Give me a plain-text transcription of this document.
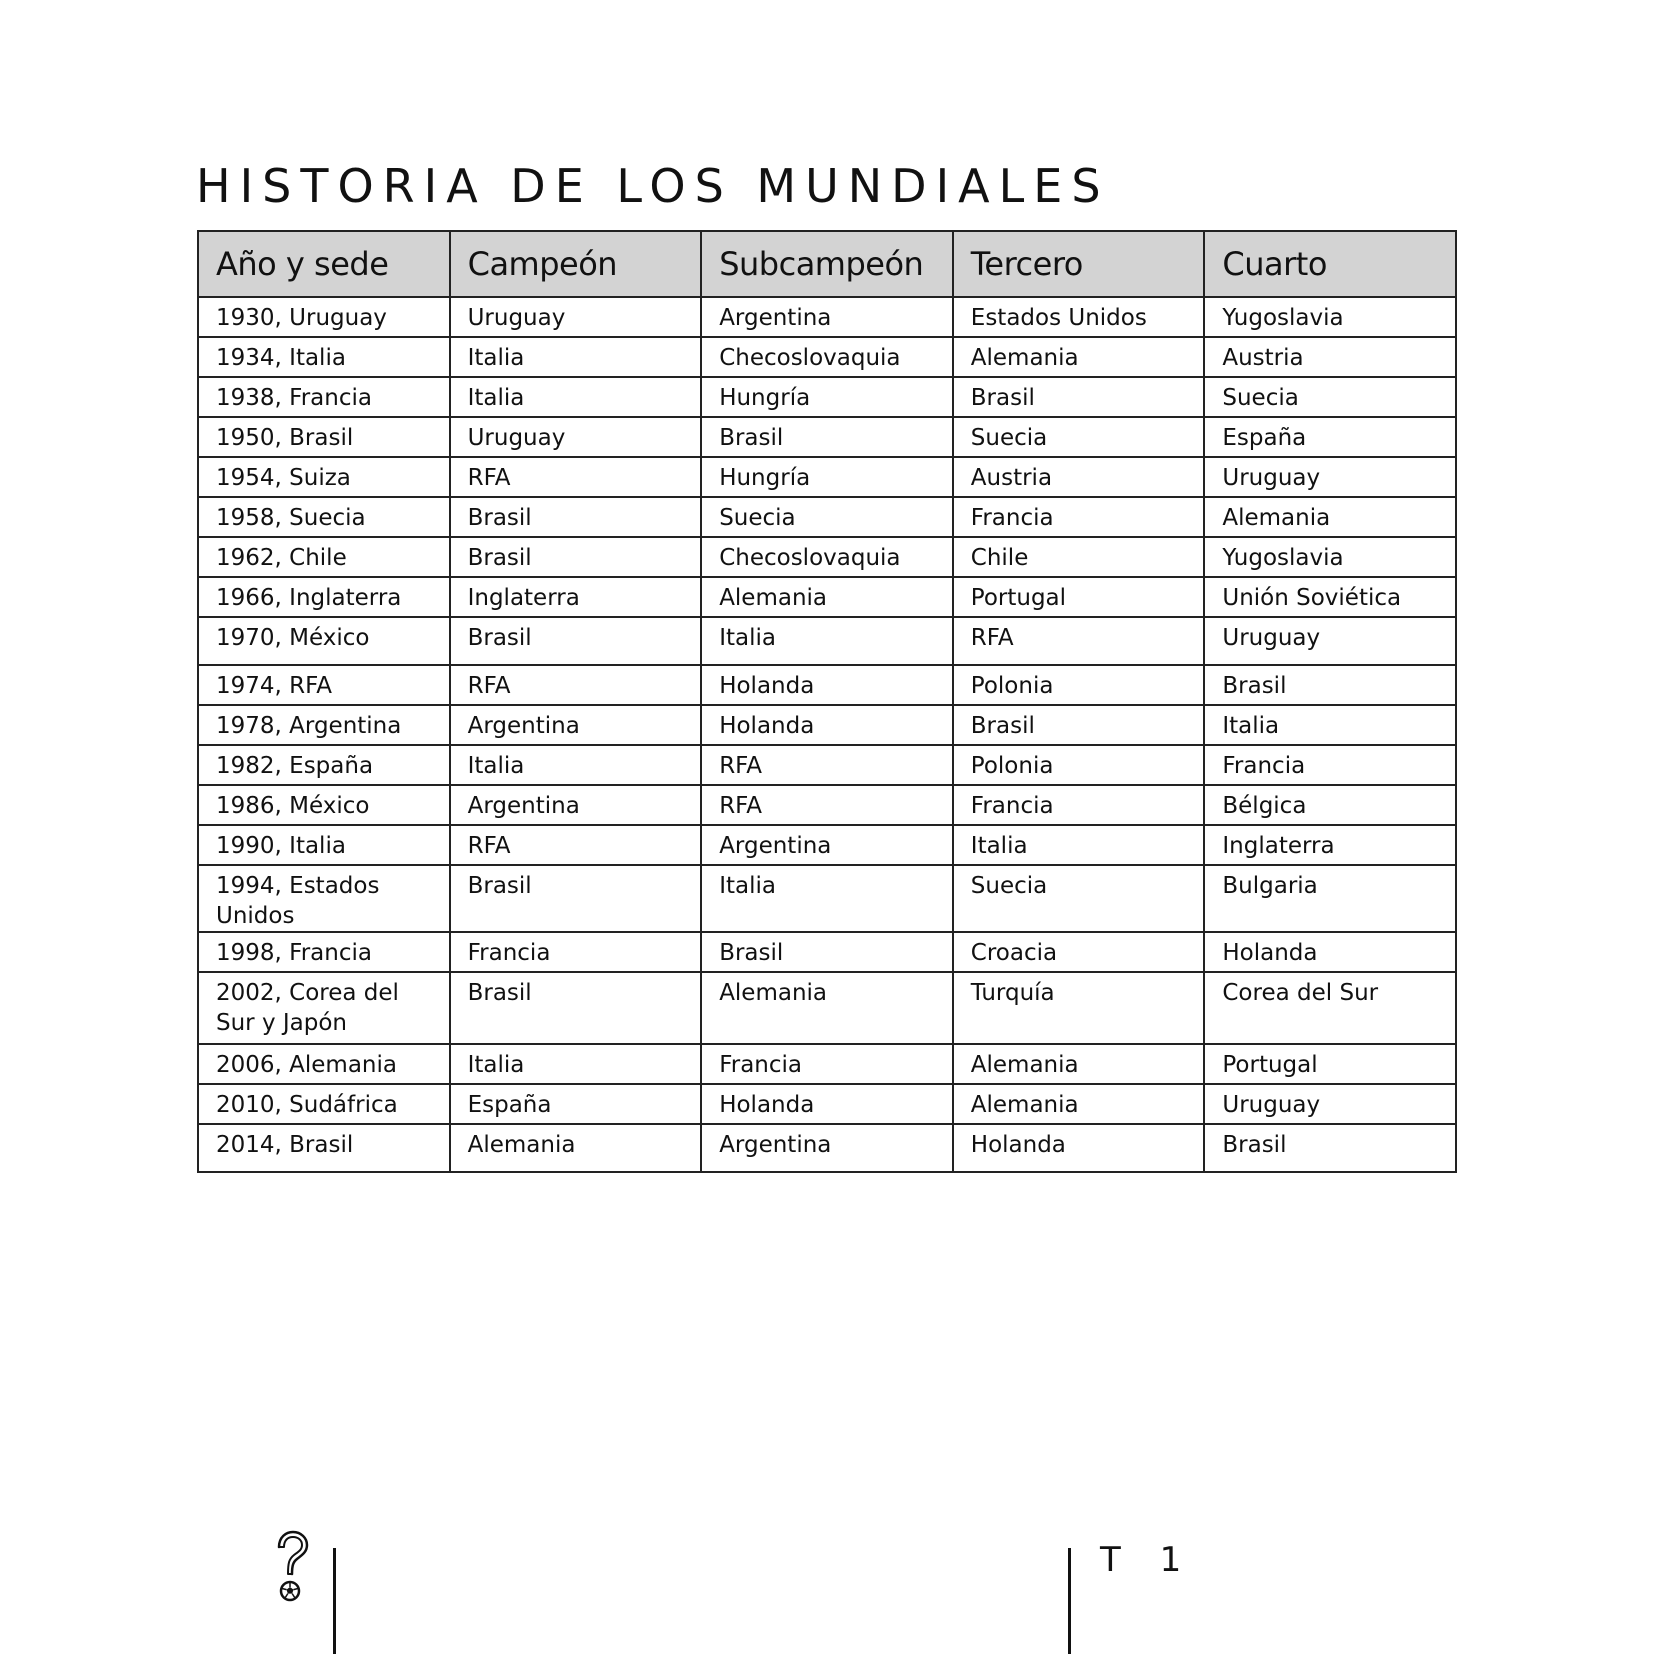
HISTORIA DE LOS MUNDIALES
Año y sede	Campeón	Subcampeón	Tercero	Cuarto
1930, Uruguay	Uruguay	Argentina	Estados Unidos	Yugoslavia
1934, Italia	Italia	Checoslovaquia	Alemania	Austria
1938, Francia	Italia	Hungría	Brasil	Suecia
1950, Brasil	Uruguay	Brasil	Suecia	España
1954, Suiza	RFA	Hungría	Austria	Uruguay
1958, Suecia	Brasil	Suecia	Francia	Alemania
1962, Chile	Brasil	Checoslovaquia	Chile	Yugoslavia
1966, Inglaterra	Inglaterra	Alemania	Portugal	Unión Soviética
1970, México	Brasil	Italia	RFA	Uruguay
1974, RFA	RFA	Holanda	Polonia	Brasil
1978, Argentina	Argentina	Holanda	Brasil	Italia
1982, España	Italia	RFA	Polonia	Francia
1986, México	Argentina	RFA	Francia	Bélgica
1990, Italia	RFA	Argentina	Italia	Inglaterra
1994, Estados Unidos	Brasil	Italia	Suecia	Bulgaria
1998, Francia	Francia	Brasil	Croacia	Holanda
2002, Corea del Sur y Japón	Brasil	Alemania	Turquía	Corea del Sur
2006, Alemania	Italia	Francia	Alemania	Portugal
2010, Sudáfrica	España	Holanda	Alemania	Uruguay
2014, Brasil	Alemania	Argentina	Holanda	Brasil
T 1
